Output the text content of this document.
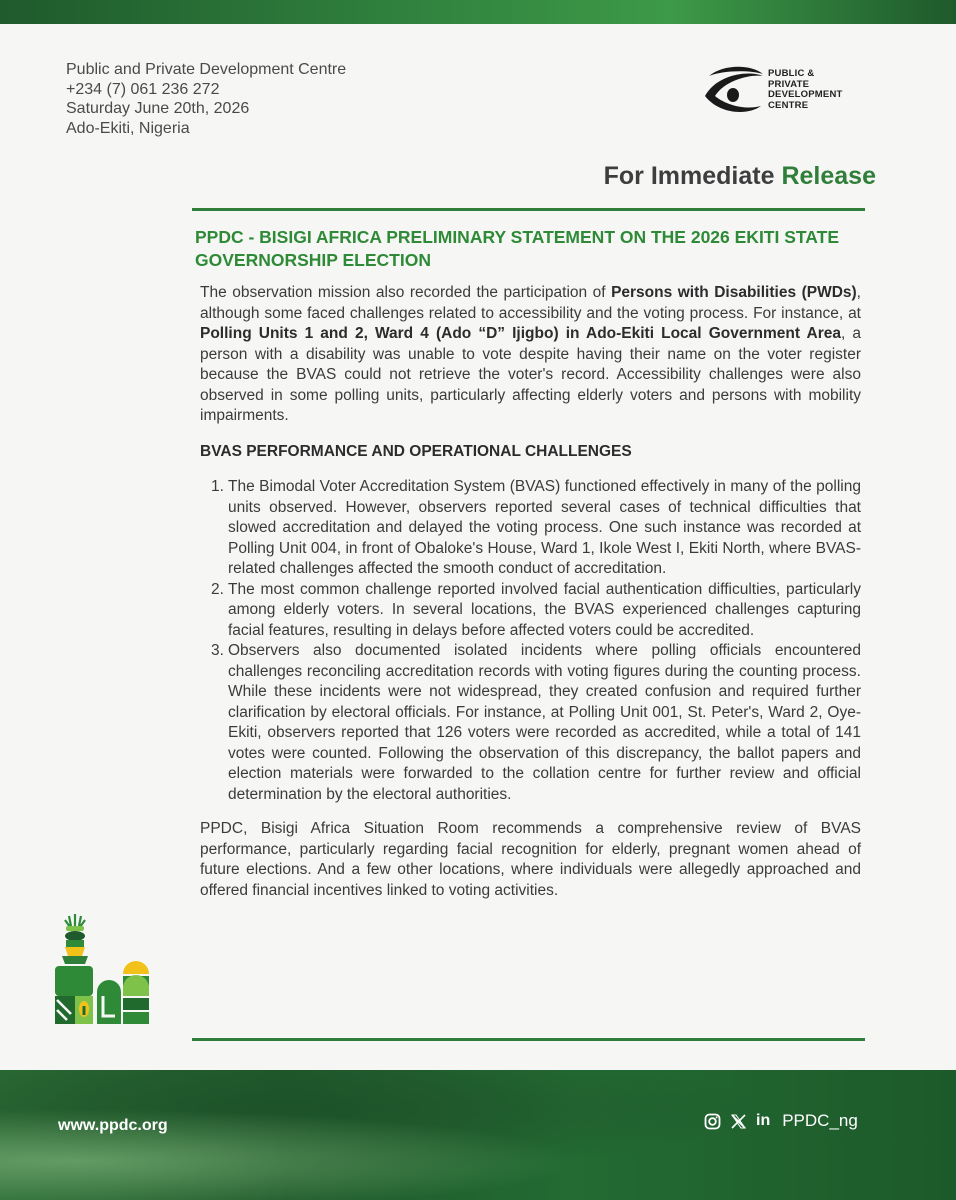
Public and Private Development Centre
+234 (7) 061 236 272
Saturday June 20th, 2026
Ado-Ekiti, Nigeria
PUBLIC &
PRIVATE
DEVELOPMENT
CENTRE
For Immediate Release
PPDC - BISIGI AFRICA PRELIMINARY STATEMENT ON THE 2026 EKITI STATE GOVERNORSHIP ELECTION

The observation mission also recorded the participation of Persons with Disabilities (PWDs), although some faced challenges related to accessibility and the voting process. For instance, at Polling Units 1 and 2, Ward 4 (Ado “D” Ijigbo) in Ado-Ekiti Local Government Area, a person with a disability was unable to vote despite having their name on the voter register because the BVAS could not retrieve the voter's record. Accessibility challenges were also observed in some polling units, particularly affecting elderly voters and persons with mobility impairments.

BVAS PERFORMANCE AND OPERATIONAL CHALLENGES
1. The Bimodal Voter Accreditation System (BVAS) functioned effectively in many of the polling units observed. However, observers reported several cases of technical difficulties that slowed accreditation and delayed the voting process. One such instance was recorded at Polling Unit 004, in front of Obaloke's House, Ward 1, Ikole West I, Ekiti North, where BVAS-related challenges affected the smooth conduct of accreditation.
2. The most common challenge reported involved facial authentication difficulties, particularly among elderly voters. In several locations, the BVAS experienced challenges capturing facial features, resulting in delays before affected voters could be accredited.
3. Observers also documented isolated incidents where polling officials encountered challenges reconciling accreditation records with voting figures during the counting process. While these incidents were not widespread, they created confusion and required further clarification by electoral officials. For instance, at Polling Unit 001, St. Peter's, Ward 2, Oye-Ekiti, observers reported that 126 voters were recorded as accredited, while a total of 141 votes were counted. Following the observation of this discrepancy, the ballot papers and election materials were forwarded to the collation centre for further review and official determination by the electoral authorities.

PPDC, Bisigi Africa Situation Room recommends a comprehensive review of BVAS performance, particularly regarding facial recognition for elderly, pregnant women ahead of future elections. And a few other locations, where individuals were allegedly approached and offered financial incentives linked to voting activities.

www.ppdc.org	in PPDC_ng
